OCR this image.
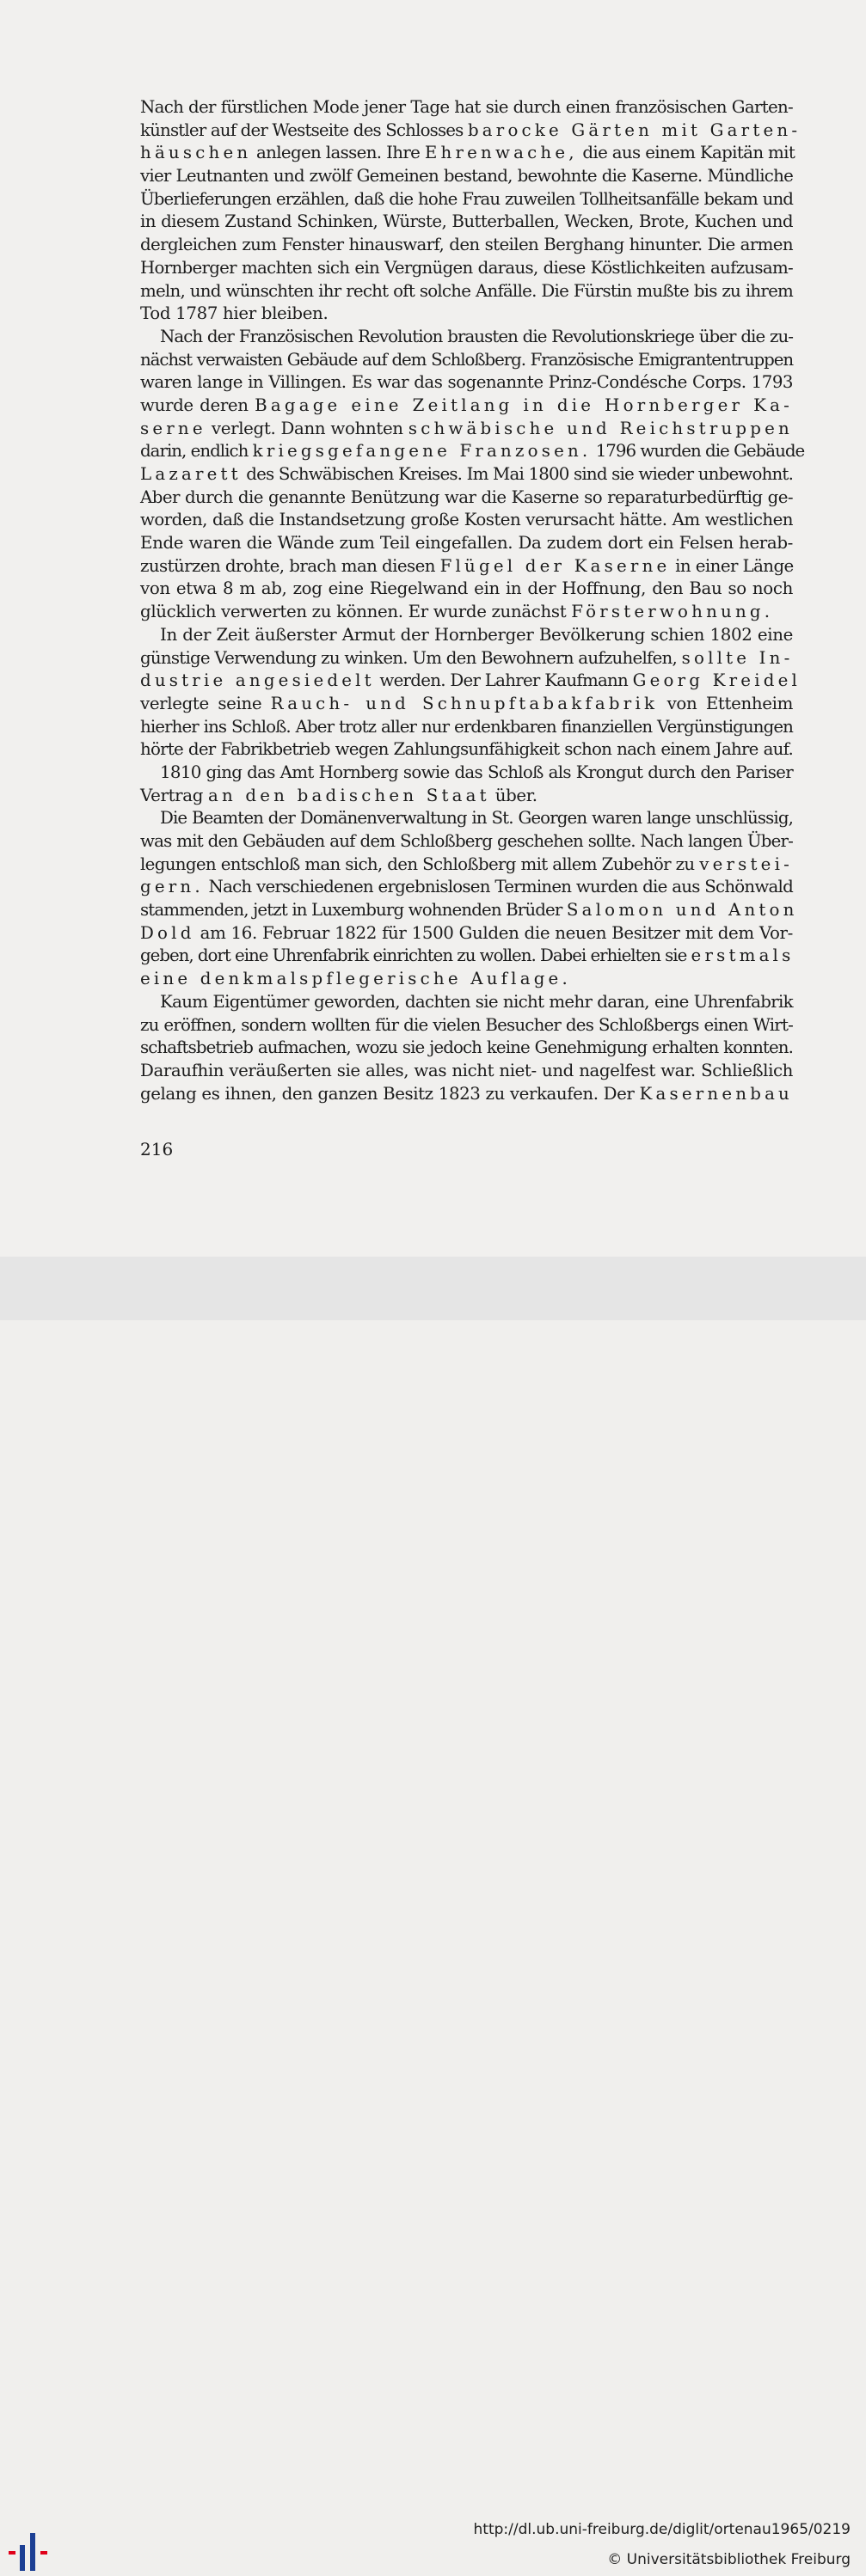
Nach der fürstlichen Mode jener Tage hat sie durch einen französischen Garten-
künstler auf der Westseite des Schlosses barocke Gärten mit Garten-
häuschen anlegen lassen. Ihre Ehrenwache, die aus einem Kapitän mit
vier Leutnanten und zwölf Gemeinen bestand, bewohnte die Kaserne. Mündliche
Überlieferungen erzählen, daß die hohe Frau zuweilen Tollheitsanfälle bekam und
in diesem Zustand Schinken, Würste, Butterballen, Wecken, Brote, Kuchen und
dergleichen zum Fenster hinauswarf, den steilen Berghang hinunter. Die armen
Hornberger machten sich ein Vergnügen daraus, diese Köstlichkeiten aufzusam-
meln, und wünschten ihr recht oft solche Anfälle. Die Fürstin mußte bis zu ihrem
Tod 1787 hier bleiben.
Nach der Französischen Revolution brausten die Revolutionskriege über die zu-
nächst verwaisten Gebäude auf dem Schloßberg. Französische Emigrantentruppen
waren lange in Villingen. Es war das sogenannte Prinz-Condésche Corps. 1793
wurde deren Bagage eine Zeitlang in die Hornberger Ka-
serne verlegt. Dann wohnten schwäbische und Reichstruppen
darin, endlich kriegsgefangene Franzosen. 1796 wurden die Gebäude
Lazarett des Schwäbischen Kreises. Im Mai 1800 sind sie wieder unbewohnt.
Aber durch die genannte Benützung war die Kaserne so reparaturbedürftig ge-
worden, daß die Instandsetzung große Kosten verursacht hätte. Am westlichen
Ende waren die Wände zum Teil eingefallen. Da zudem dort ein Felsen herab-
zustürzen drohte, brach man diesen Flügel der Kaserne in einer Länge
von etwa 8 m ab, zog eine Riegelwand ein in der Hoffnung, den Bau so noch
glücklich verwerten zu können. Er wurde zunächst Försterwohnung.
In der Zeit äußerster Armut der Hornberger Bevölkerung schien 1802 eine
günstige Verwendung zu winken. Um den Bewohnern aufzuhelfen, sollte In-
dustrie angesiedelt werden. Der Lahrer Kaufmann Georg Kreidel
verlegte seine Rauch- und Schnupftabakfabrik von Ettenheim
hierher ins Schloß. Aber trotz aller nur erdenkbaren finanziellen Vergünstigungen
hörte der Fabrikbetrieb wegen Zahlungsunfähigkeit schon nach einem Jahre auf.
1810 ging das Amt Hornberg sowie das Schloß als Krongut durch den Pariser
Vertrag an den badischen Staat über.
Die Beamten der Domänenverwaltung in St. Georgen waren lange unschlüssig,
was mit den Gebäuden auf dem Schloßberg geschehen sollte. Nach langen Über-
legungen entschloß man sich, den Schloßberg mit allem Zubehör zu verstei-
gern. Nach verschiedenen ergebnislosen Terminen wurden die aus Schönwald
stammenden, jetzt in Luxemburg wohnenden Brüder Salomon und Anton
Dold am 16. Februar 1822 für 1500 Gulden die neuen Besitzer mit dem Vor-
geben, dort eine Uhrenfabrik einrichten zu wollen. Dabei erhielten sie erstmals
eine denkmalspflegerische Auflage.
Kaum Eigentümer geworden, dachten sie nicht mehr daran, eine Uhrenfabrik
zu eröffnen, sondern wollten für die vielen Besucher des Schloßbergs einen Wirt-
schaftsbetrieb aufmachen, wozu sie jedoch keine Genehmigung erhalten konnten.
Daraufhin veräußerten sie alles, was nicht niet- und nagelfest war. Schließlich
gelang es ihnen, den ganzen Besitz 1823 zu verkaufen. Der Kasernenbau
216
http://dl.ub.uni-freiburg.de/diglit/ortenau1965/0219
© Universitätsbibliothek Freiburg
